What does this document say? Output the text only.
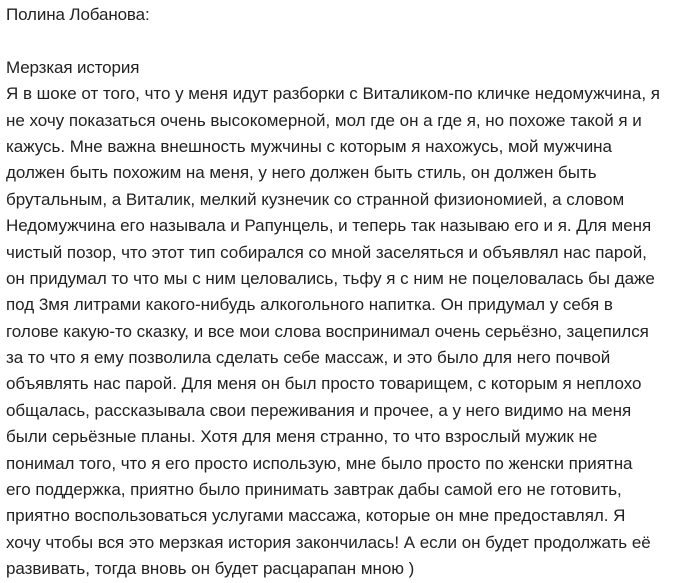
Полина Лобанова:
Мерзкая история
Я в шоке от того, что у меня идут разборки с Виталиком-по кличке недомужчина, я
не хочу показаться очень высокомерной, мол где он а где я, но похоже такой я и
кажусь. Мне важна внешность мужчины с которым я нахожусь, мой мужчина
должен быть похожим на меня, у него должен быть стиль, он должен быть
брутальным, а Виталик, мелкий кузнечик со странной физиономией, а словом
Недомужчина его называла и Рапунцель, и теперь так называю его и я. Для меня
чистый позор, что этот тип собирался со мной заселяться и объявлял нас парой,
он придумал то что мы с ним целовались, тьфу я с ним не поцеловалась бы даже
под 3мя литрами какого-нибудь алкогольного напитка. Он придумал у себя в
голове какую-то сказку, и все мои слова воспринимал очень серьёзно, зацепился
за то что я ему позволила сделать себе массаж, и это было для него почвой
объявлять нас парой. Для меня он был просто товарищем, с которым я неплохо
общалась, рассказывала свои переживания и прочее, а у него видимо на меня
были серьёзные планы. Хотя для меня странно, то что взрослый мужик не
понимал того, что я его просто использую, мне было просто по женски приятна
его поддержка, приятно было принимать завтрак дабы самой его не готовить,
приятно воспользоваться услугами массажа, которые он мне предоставлял. Я
хочу чтобы вся это мерзкая история закончилась! А если он будет продолжать её
развивать, тогда вновь он будет расцарапан мною )
